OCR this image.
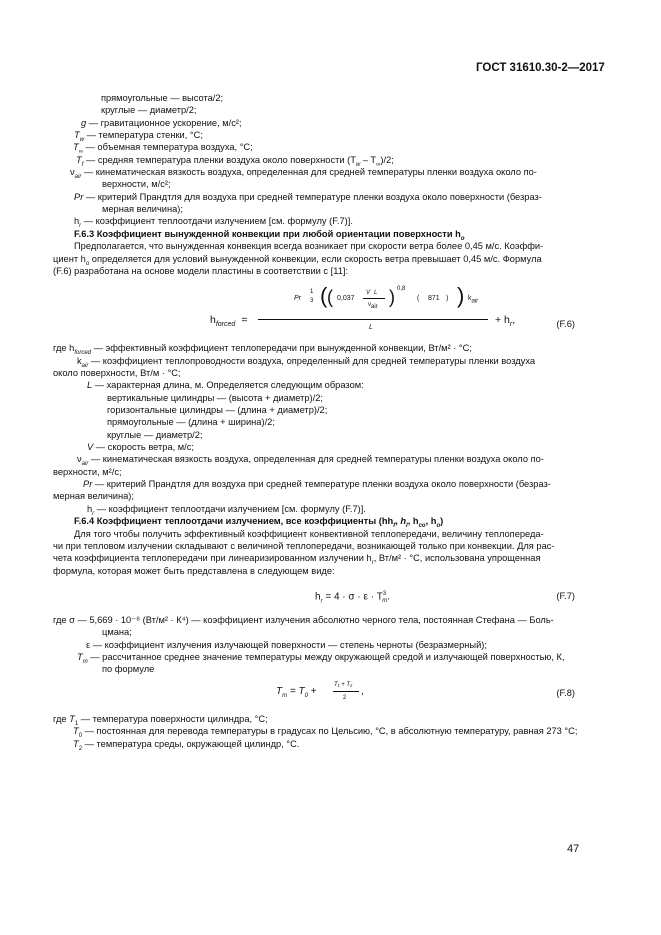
ГОСТ 31610.30-2—2017
прямоугольные — высота/2;
круглые — диаметр/2;
g — гравитационное ускорение, м/с²;
$T_w$ — температура стенки, °C;
$T_\infty$ — объемная температура воздуха, °C;
$T_f$ — средняя температура пленки воздуха около поверхности $(T_w - T_\infty)/2$;
$\nu_{air}$ — кинематическая вязкость воздуха, определенная для средней температуры пленки воздуха около по-
верхности, м/с²;
Pr — критерий Прандтля для воздуха при средней температуре пленки воздуха около поверхности (безраз-
мерная величина);
$h_r$ — коэффициент теплоотдачи излучением [см. формулу (F.7)].
F.6.3 Коэффициент вынужденной конвекции при любой ориентации поверхности $h_o$
Предполагается, что вынужденная конвекция всегда возникает при скорости ветра более 0,45 м/с. Коэффи-
циент $h_o$ определяется для условий вынужденной конвекции, если скорость ветра превышает 0,45 м/с. Формула
(F.6) разработана на основе модели пластины в соответствии с [11]:
$h_{forced}$ =
Pr
1
3 ( ( 0,037
V L
$\nu_{air}$
) 0,8
( 871 ) ) $k_{air}$
L
+ $h_r$,	(F.6)
где $h_{forced}$ — эффективный коэффициент теплопередачи при вынужденной конвекции, Вт/м² · °C;
$k_{air}$ — коэффициент теплопроводности воздуха, определенный для средней температуры пленки воздуха
около поверхности, Вт/м · °C;
L — характерная длина, м. Определяется следующим образом:
вертикальные цилиндры — (высота + диаметр)/2;
горизонтальные цилиндры — (длина + диаметр)/2;
прямоугольные — (длина + ширина)/2;
круглые — диаметр/2;
V — скорость ветра, м/с;
$\nu_{air}$ — кинематическая вязкость воздуха, определенная для средней температуры пленки воздуха около по-
верхности, м²/с;
Pr — критерий Прандтля для воздуха при средней температуре пленки воздуха около поверхности (безраз-
мерная величина);
$h_r$ — коэффициент теплоотдачи излучением [см. формулу (F.7)].
F.6.4 Коэффициент теплоотдачи излучением, все коэффициенты ($hh_f$, $h_l$, $h_{co}$, $h_o$)
Для того чтобы получить эффективный коэффициент конвективной теплопередачи, величину теплопереда-
чи при тепловом излучении складывают с величиной теплопередачи, возникающей только при конвекции. Для рас-
чета коэффициента теплопередачи при линеаризированном излучении $h_r$, Вт/м² · °C, использована упрощенная
формула, которая может быть представлена в следующем виде:
$h_r = 4 \cdot \sigma \cdot \varepsilon \cdot T^3_m$.	(F.7)
где σ — 5,669 · 10⁻⁸ (Вт/м² · К⁴) — коэффициент излучения абсолютно черного тела, постоянная Стефана — Боль-
цмана;
ε — коэффициент излучения излучающей поверхности — степень черноты (безразмерный);
$T_m$ — рассчитанное среднее значение температуры между окружающей средой и излучающей поверхностью, К,
по формуле
$T_m = T_0$ +
T₁ + T₂
2
,	(F.8)
где $T_1$ — температура поверхности цилиндра, °C;
$T_0$ — постоянная для перевода температуры в градусах по Цельсию, °C, в абсолютную температуру, равная 273 °C;
$T_2$ — температура среды, окружающей цилиндр, °C.
47
